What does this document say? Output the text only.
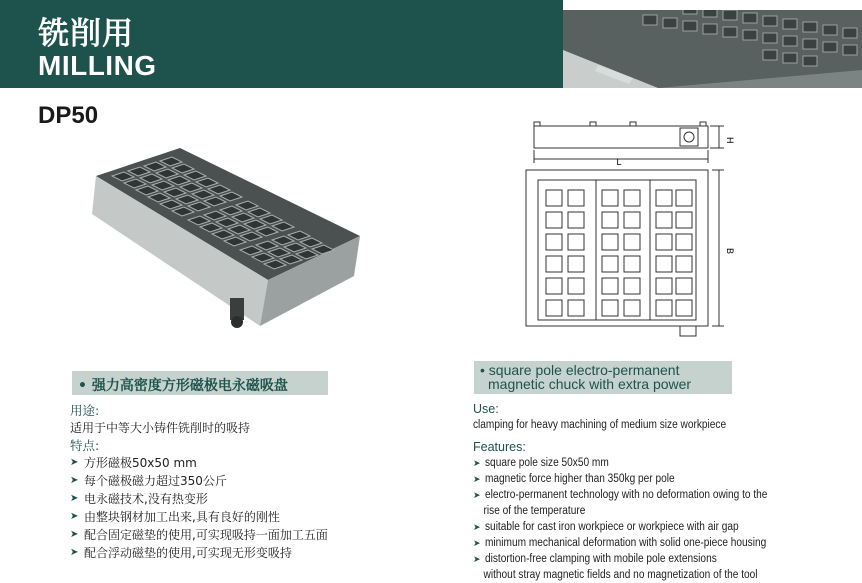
铣削用
MILLING
DP50
L
H
B
• 强力高密度方形磁极电永磁吸盘
• square pole electro-permanent
magnetic chuck with extra power
用途:
适用于中等大小铸件铣削时的吸持
特点:
➤ 方形磁极50x50 mm
➤ 每个磁极磁力超过350公斤
➤ 电永磁技术,没有热变形
➤ 由整块钢材加工出来,具有良好的刚性
➤ 配合固定磁垫的使用,可实现吸持一面加工五面
➤ 配合浮动磁垫的使用,可实现无形变吸持
Use:
clamping for heavy machining of medium size workpiece
Features:
➤ square pole size 50x50 mm
➤ magnetic force higher than 350kg per pole
➤ electro-permanent technology with no deformation owing to the
rise of the temperature
➤ suitable for cast iron workpiece or workpiece with air gap
➤ minimum mechanical deformation with solid one-piece housing
➤ distortion-free clamping with mobile pole extensions
without stray magnetic fields and no magnetization of the tool
